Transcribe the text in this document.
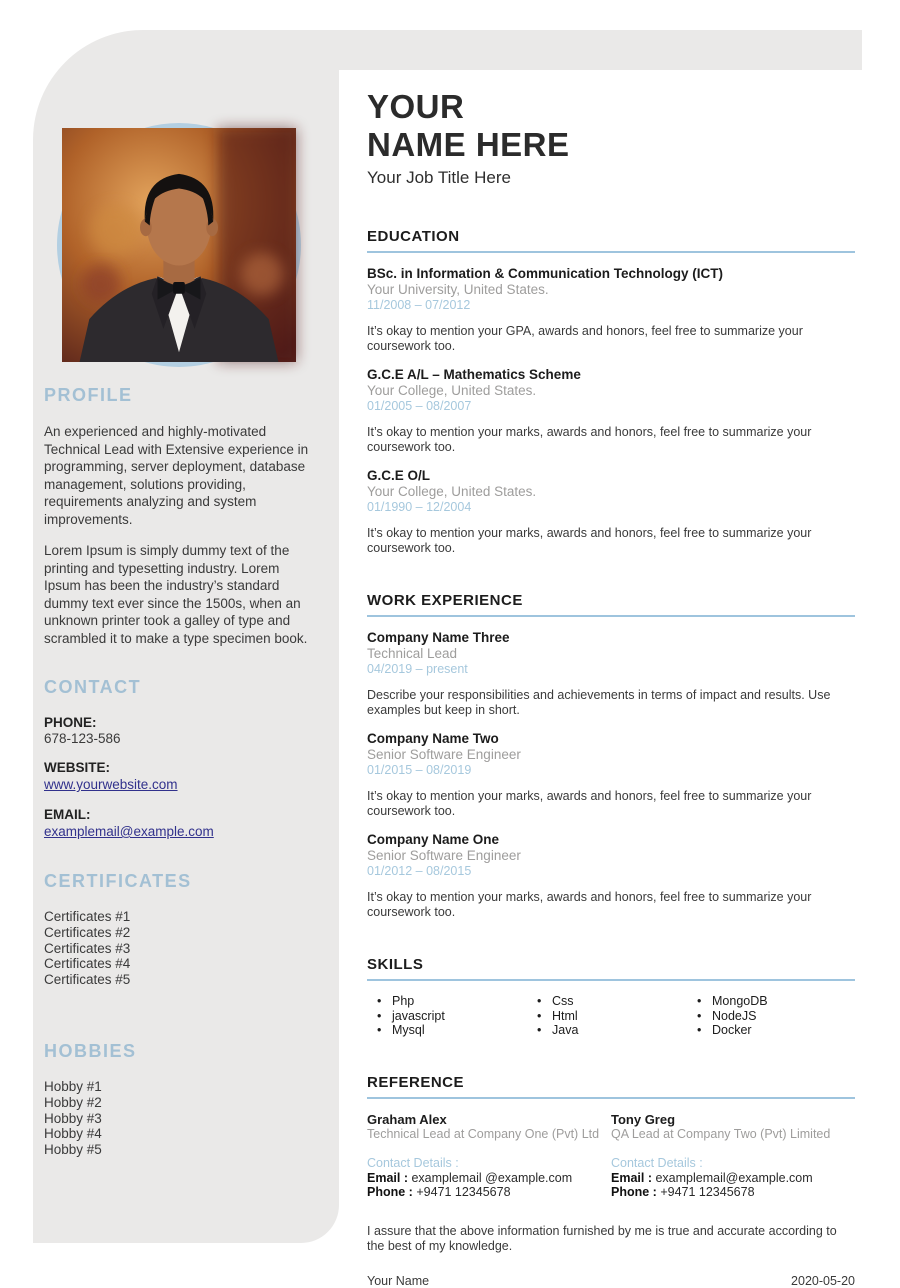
PROFILE
An experienced and highly-motivated Technical Lead with Extensive experience in programming, server deployment, database management, solutions providing, requirements analyzing and system improvements.
Lorem Ipsum is simply dummy text of the printing and typesetting industry. Lorem Ipsum has been the industry’s standard dummy text ever since the 1500s, when an unknown printer took a galley of type and scrambled it to make a type specimen book.
CONTACT
PHONE:
678-123-586
WEBSITE:
www.yourwebsite.com
EMAIL:
examplemail@example.com
CERTIFICATES
Certificates #1
Certificates #2
Certificates #3
Certificates #4
Certificates #5
HOBBIES
Hobby #1
Hobby #2
Hobby #3
Hobby #4
Hobby #5
YOUR
NAME HERE
Your Job Title Here
EDUCATION
BSc. in Information & Communication Technology (ICT)
Your University, United States.
11/2008 – 07/2012
It’s okay to mention your GPA, awards and honors, feel free to summarize your coursework too.
G.C.E A/L – Mathematics Scheme
Your College, United States.
01/2005 – 08/2007
It’s okay to mention your marks, awards and honors, feel free to summarize your coursework too.
G.C.E O/L
Your College, United States.
01/1990 – 12/2004
It’s okay to mention your marks, awards and honors, feel free to summarize your coursework too.
WORK EXPERIENCE
Company Name Three
Technical Lead
04/2019 – present
Describe your responsibilities and achievements in terms of impact and results. Use examples but keep in short.
Company Name Two
Senior Software Engineer
01/2015 – 08/2019
It’s okay to mention your marks, awards and honors, feel free to summarize your coursework too.
Company Name One
Senior Software Engineer
01/2012 – 08/2015
It’s okay to mention your marks, awards and honors, feel free to summarize your coursework too.
SKILLS
• Php
• javascript
• Mysql
• Css
• Html
• Java
• MongoDB
• NodeJS
• Docker
REFERENCE
Graham Alex
Technical Lead at Company One (Pvt) Ltd
Contact Details :
Email : examplemail @example.com
Phone : +9471 12345678
Tony Greg
QA Lead at Company Two (Pvt) Limited
Contact Details :
Email : examplemail@example.com
Phone : +9471 12345678
I assure that the above information furnished by me is true and accurate according to the best of my knowledge.
Your Name	2020-05-20
